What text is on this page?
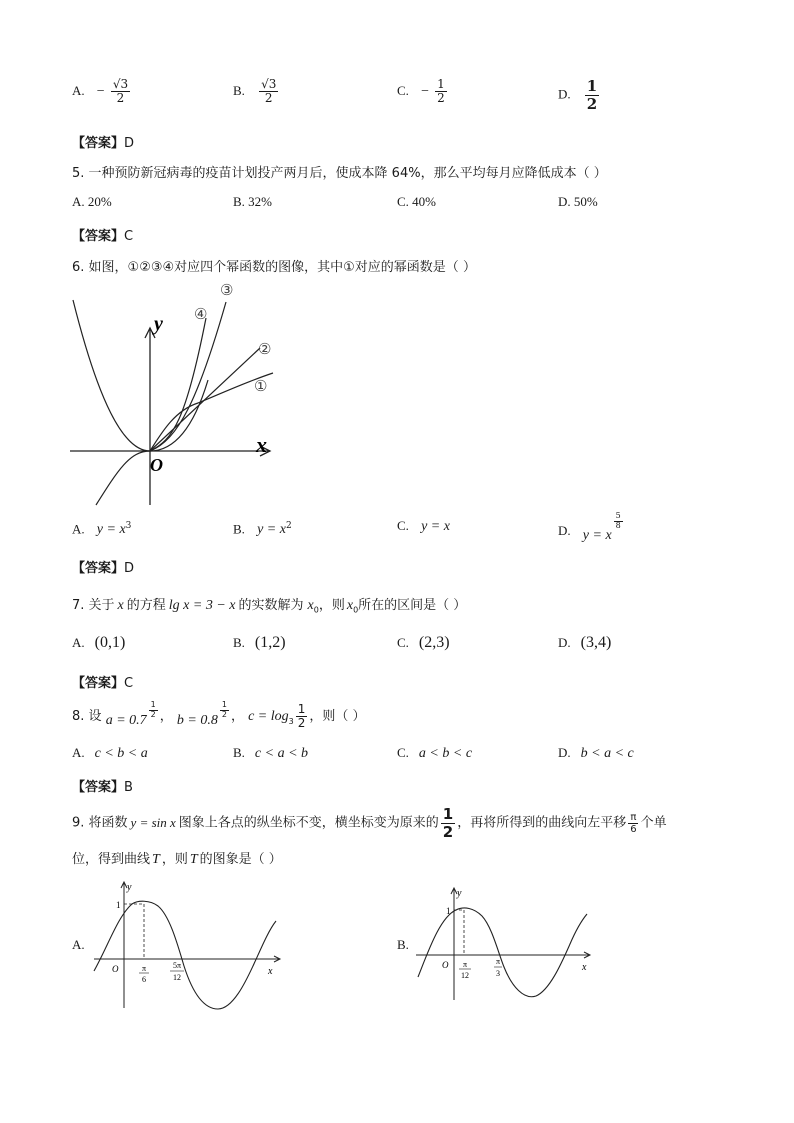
A. − $\frac{√3}{2}$	B. $\frac{√3}{2}$	C. − $\frac{1}{2}$	D. $\frac{1}{2}$
【答案】D
5. 一种预防新冠病毒的疫苗计划投产两月后，使成本降 64%，那么平均每月应降低成本（ ）
A. 20%	B. 32%	C. 40%	D. 50%
【答案】C
6. 如图，①②③④对应四个幂函数的图像，其中①对应的幂函数是（ ）
y
x
O
①
②
③
④
A. $y = x^3$	B. $y = x^2$	C. y = x	D. y = x
$\frac{5}{8}$
【答案】D
7. 关于 x 的方程 lg x = 3 − x 的实数解为 $x_0$，则 $x_0$所在的区间是（ ）
A. (0,1)	B. (1,2)	C. (2,3)	D. (3,4)
【答案】C
8. 设 a = 0.7
$\frac{1}{2}$ ， b = 0.8
$\frac{1}{2}$ ， $c = \log_3 \frac{1}{2}$ ，则（ ）
A. c < b < a	B. c < a < b	C. a < b < c	D. b < a < c
【答案】B
9. 将函数 y = sin x 图象上各点的纵坐标不变，横坐标变为原来的 $\frac{1}{2}$ ，再将所得到的曲线向左平移 $\frac{\pi}{6}$ 个单
位，得到曲线 T ，则 T 的图象是（ ）
A.
y
x
O
1
π
6
5π
12
B.
y
x
O
1
π
12
π
3
